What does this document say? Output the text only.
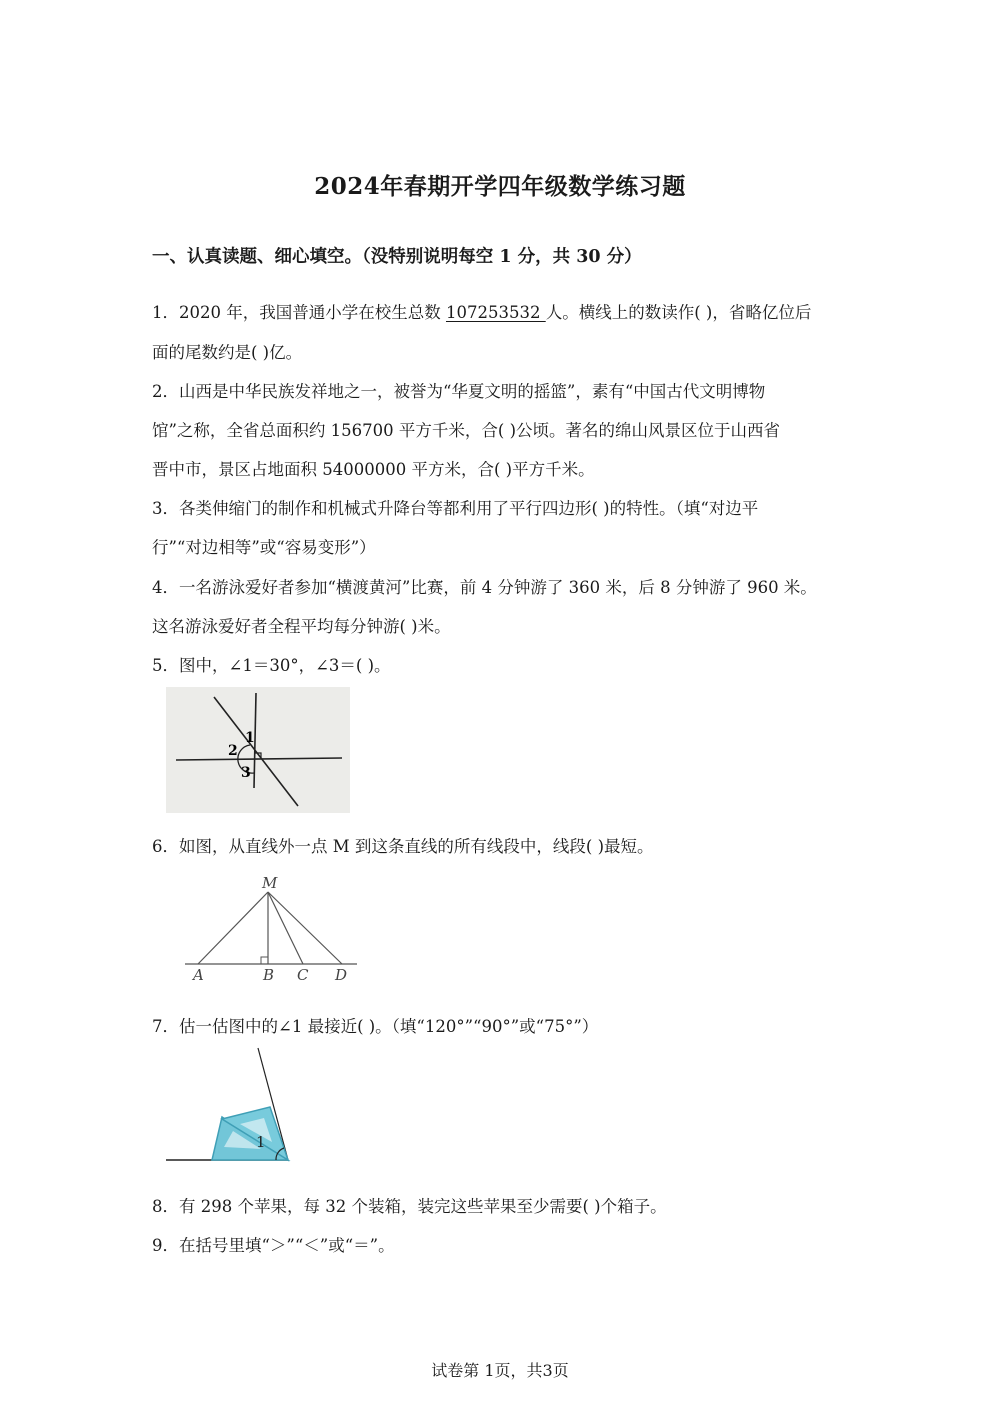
2024年春期开学四年级数学练习题
一、认真读题、细心填空。（没特别说明每空 1 分，共 30 分）
1．2020 年，我国普通小学在校生总数 107253532 人。横线上的数读作( )，省略亿位后
面的尾数约是( )亿。
2．山西是中华民族发祥地之一，被誉为“华夏文明的摇篮”，素有“中国古代文明博物
馆”之称，全省总面积约 156700 平方千米，合( )公顷。著名的绵山风景区位于山西省
晋中市，景区占地面积 54000000 平方米，合( )平方千米。
3．各类伸缩门的制作和机械式升降台等都利用了平行四边形( )的特性。（填“对边平
行”“对边相等”或“容易变形”）
4．一名游泳爱好者参加“横渡黄河”比赛，前 4 分钟游了 360 米，后 8 分钟游了 960 米。
这名游泳爱好者全程平均每分钟游( )米。
5．图中，∠1＝30°，∠3＝( )。
1
2
3
6．如图，从直线外一点 M 到这条直线的所有线段中，线段( )最短。
M
A	B C D
7．估一估图中的∠1 最接近( )。（填“120°”“90°”或“75°”）
1
8．有 298 个苹果，每 32 个装箱，装完这些苹果至少需要( )个箱子。
9．在括号里填“＞”“＜”或“＝”。
试卷第 1页，共3页
